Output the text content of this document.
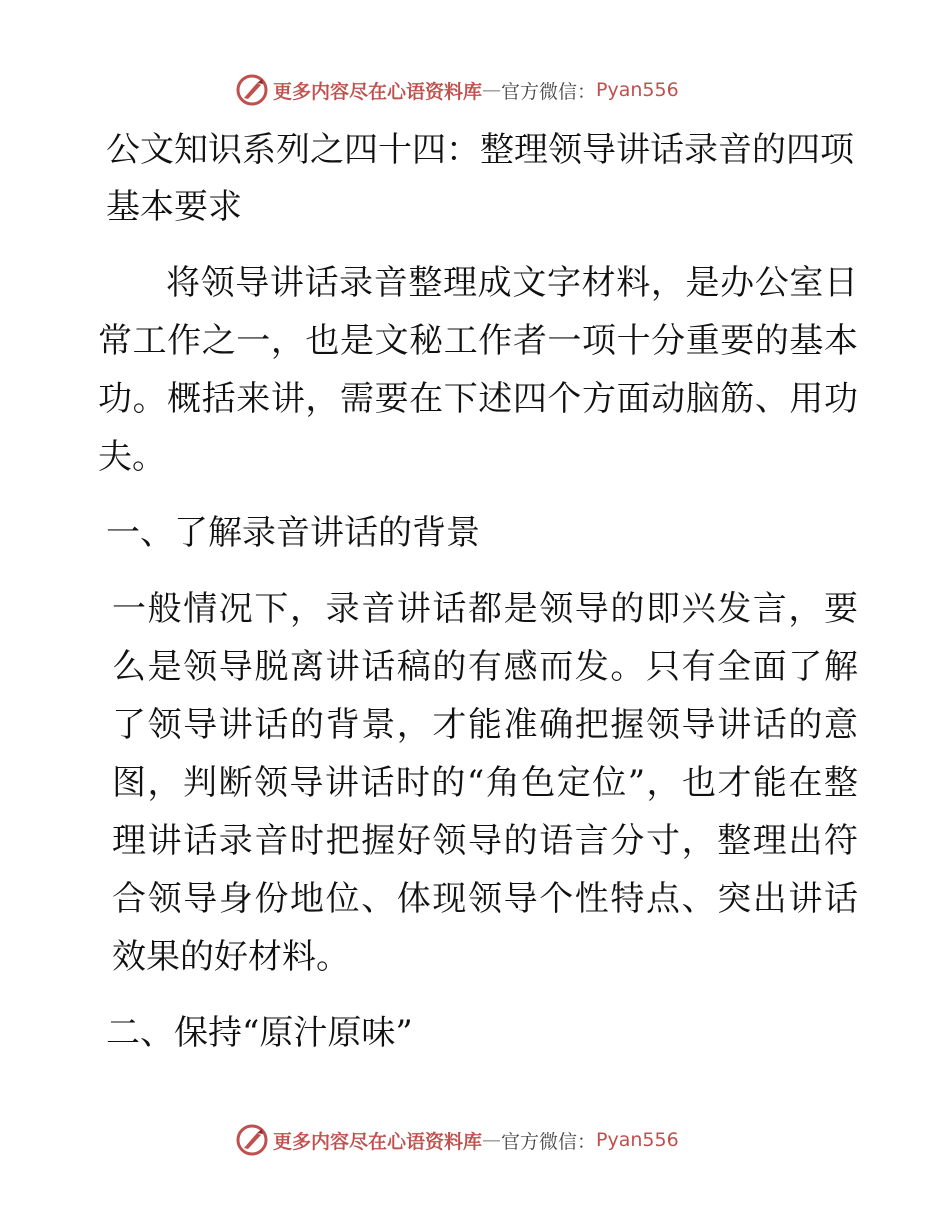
更多内容尽在心语资料库 — 官方微信： Pyan556

公文知识系列之四十四：整理领导讲话录音的四项基本要求

将领导讲话录音整理成文字材料，是办公室日常工作之一，也是文秘工作者一项十分重要的基本功。概括来讲，需要在下述四个方面动脑筋、用功夫。

一、了解录音讲话的背景

一般情况下，录音讲话都是领导的即兴发言，要么是领导脱离讲话稿的有感而发。只有全面了解了领导讲话的背景，才能准确把握领导讲话的意图，判断领导讲话时的“角色定位”，也才能在整理讲话录音时把握好领导的语言分寸，整理出符合领导身份地位、体现领导个性特点、突出讲话效果的好材料。

二、保持“原汁原味”

更多内容尽在心语资料库 — 官方微信： Pyan556
